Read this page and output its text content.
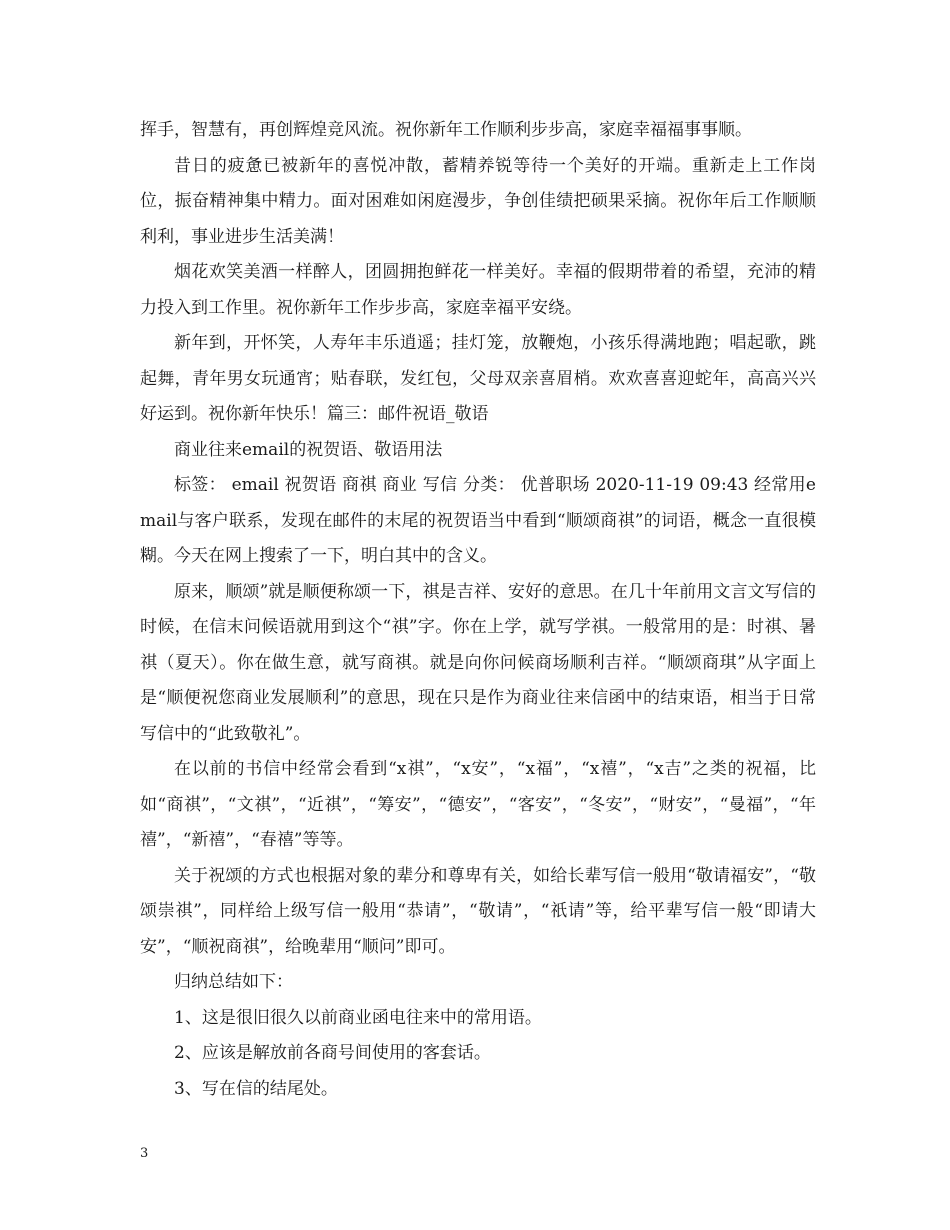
挥手，智慧有，再创辉煌竞风流。祝你新年工作顺利步步高，家庭幸福福事事顺。

昔日的疲惫已被新年的喜悦冲散，蓄精养锐等待一个美好的开端。重新走上工作岗位，振奋精神集中精力。面对困难如闲庭漫步，争创佳绩把硕果采摘。祝你年后工作顺顺利利，事业进步生活美满！

烟花欢笑美酒一样醉人，团圆拥抱鲜花一样美好。幸福的假期带着的希望，充沛的精力投入到工作里。祝你新年工作步步高，家庭幸福平安绕。

新年到，开怀笑，人寿年丰乐逍遥；挂灯笼，放鞭炮，小孩乐得满地跑；唱起歌，跳起舞，青年男女玩通宵；贴春联，发红包，父母双亲喜眉梢。欢欢喜喜迎蛇年，高高兴兴好运到。祝你新年快乐！篇三：邮件祝语_敬语

商业往来email的祝贺语、敬语用法

标签： email 祝贺语 商祺 商业 写信 分类： 优普职场 2020-11-19 09:43 经常用email与客户联系，发现在邮件的末尾的祝贺语当中看到“顺颂商祺”的词语，概念一直很模糊。今天在网上搜索了一下，明白其中的含义。

原来，顺颂”就是顺便称颂一下，祺是吉祥、安好的意思。在几十年前用文言文写信的时候，在信末问候语就用到这个“祺”字。你在上学，就写学祺。一般常用的是：时祺、暑祺（夏天）。你在做生意，就写商祺。就是向你问候商场顺利吉祥。“顺颂商琪”从字面上是“顺便祝您商业发展顺利”的意思，现在只是作为商业往来信函中的结束语，相当于日常写信中的“此致敬礼”。

在以前的书信中经常会看到“x祺”，“x安”，“x福”，“x禧”，“x吉”之类的祝福，比如“商祺”，“文祺”，“近祺”，“筹安”，“德安”，“客安”，“冬安”，“财安”，“曼福”，“年禧”，“新禧”，“春禧”等等。

关于祝颂的方式也根据对象的辈分和尊卑有关，如给长辈写信一般用“敬请福安”，“敬颂崇祺”，同样给上级写信一般用“恭请”，“敬请”，“祇请”等，给平辈写信一般“即请大安”，“顺祝商祺”，给晚辈用“顺问”即可。

归纳总结如下：

1、这是很旧很久以前商业函电往来中的常用语。

2、应该是解放前各商号间使用的客套话。

3、写在信的结尾处。

3
